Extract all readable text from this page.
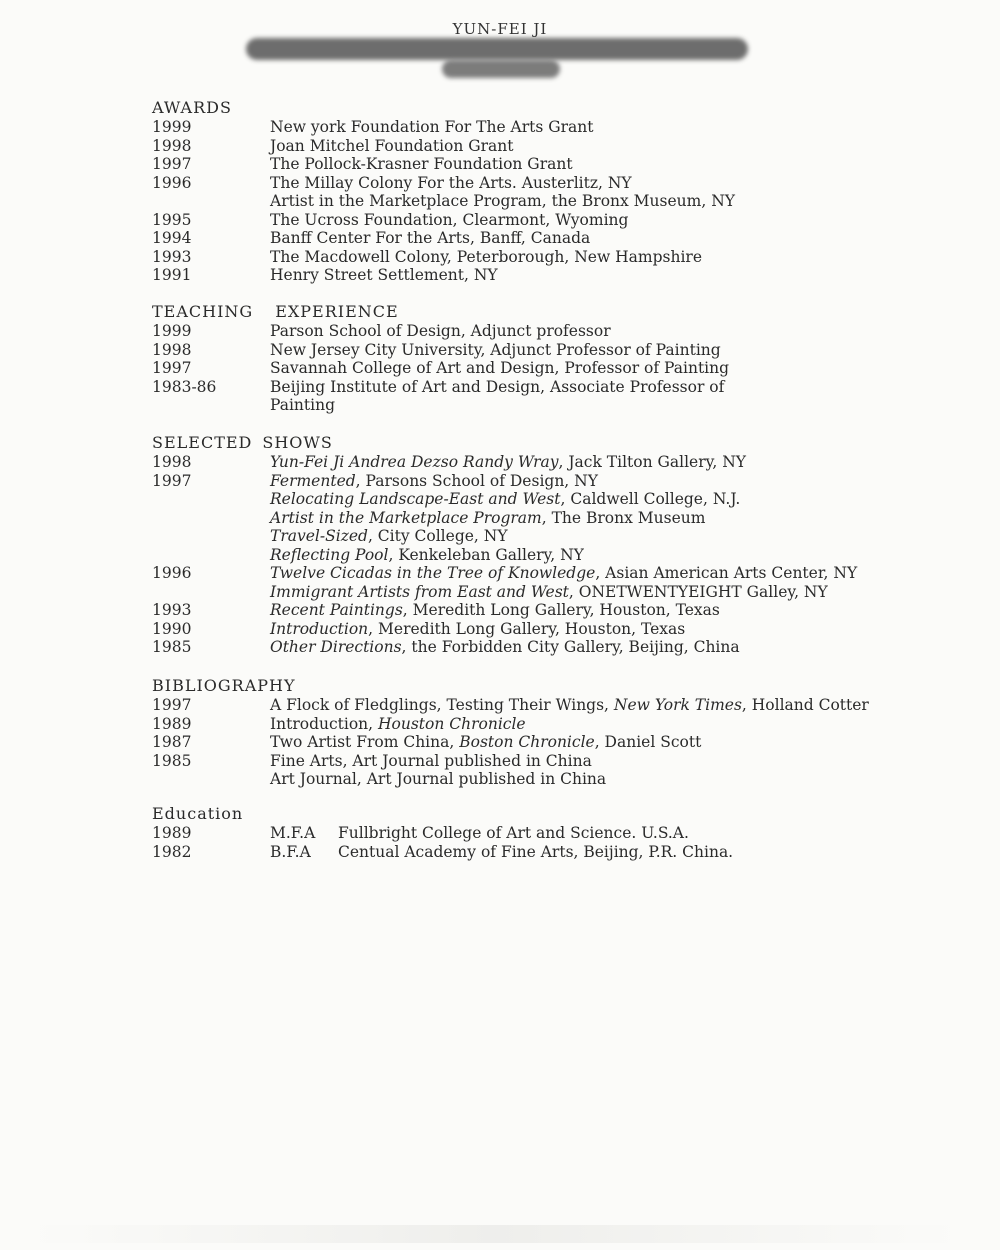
YUN-FEI JI
AWARDS
1999	New york Foundation For The Arts Grant
1998	Joan Mitchel Foundation Grant
1997	The Pollock-Krasner Foundation Grant
1996	The Millay Colony For the Arts. Austerlitz, NY
Artist in the Marketplace Program, the Bronx Museum, NY
1995	The Ucross Foundation, Clearmont, Wyoming
1994	Banff Center For the Arts, Banff, Canada
1993	The Macdowell Colony, Peterborough, New Hampshire
1991	Henry Street Settlement, NY
TEACHING EXPERIENCE
1999	Parson School of Design, Adjunct professor
1998	New Jersey City University, Adjunct Professor of Painting
1997	Savannah College of Art and Design, Professor of Painting
1983-86	Beijing Institute of Art and Design, Associate Professor of
Painting
SELECTED SHOWS
1998	Yun-Fei Ji Andrea Dezso Randy Wray, Jack Tilton Gallery, NY
1997	Fermented, Parsons School of Design, NY
Relocating Landscape-East and West, Caldwell College, N.J.
Artist in the Marketplace Program, The Bronx Museum
Travel-Sized, City College, NY
Reflecting Pool, Kenkeleban Gallery, NY
1996	Twelve Cicadas in the Tree of Knowledge, Asian American Arts Center, NY
Immigrant Artists from East and West, ONETWENTYEIGHT Galley, NY
1993	Recent Paintings, Meredith Long Gallery, Houston, Texas
1990	Introduction, Meredith Long Gallery, Houston, Texas
1985	Other Directions, the Forbidden City Gallery, Beijing, China
BIBLIOGRAPHY
1997	A Flock of Fledglings, Testing Their Wings, New York Times, Holland Cotter
1989	Introduction, Houston Chronicle
1987	Two Artist From China, Boston Chronicle, Daniel Scott
1985	Fine Arts, Art Journal published in China
Art Journal, Art Journal published in China
Education
1989	M.F.A Fullbright College of Art and Science. U.S.A.
1982	B.F.A Centual Academy of Fine Arts, Beijing, P.R. China.
